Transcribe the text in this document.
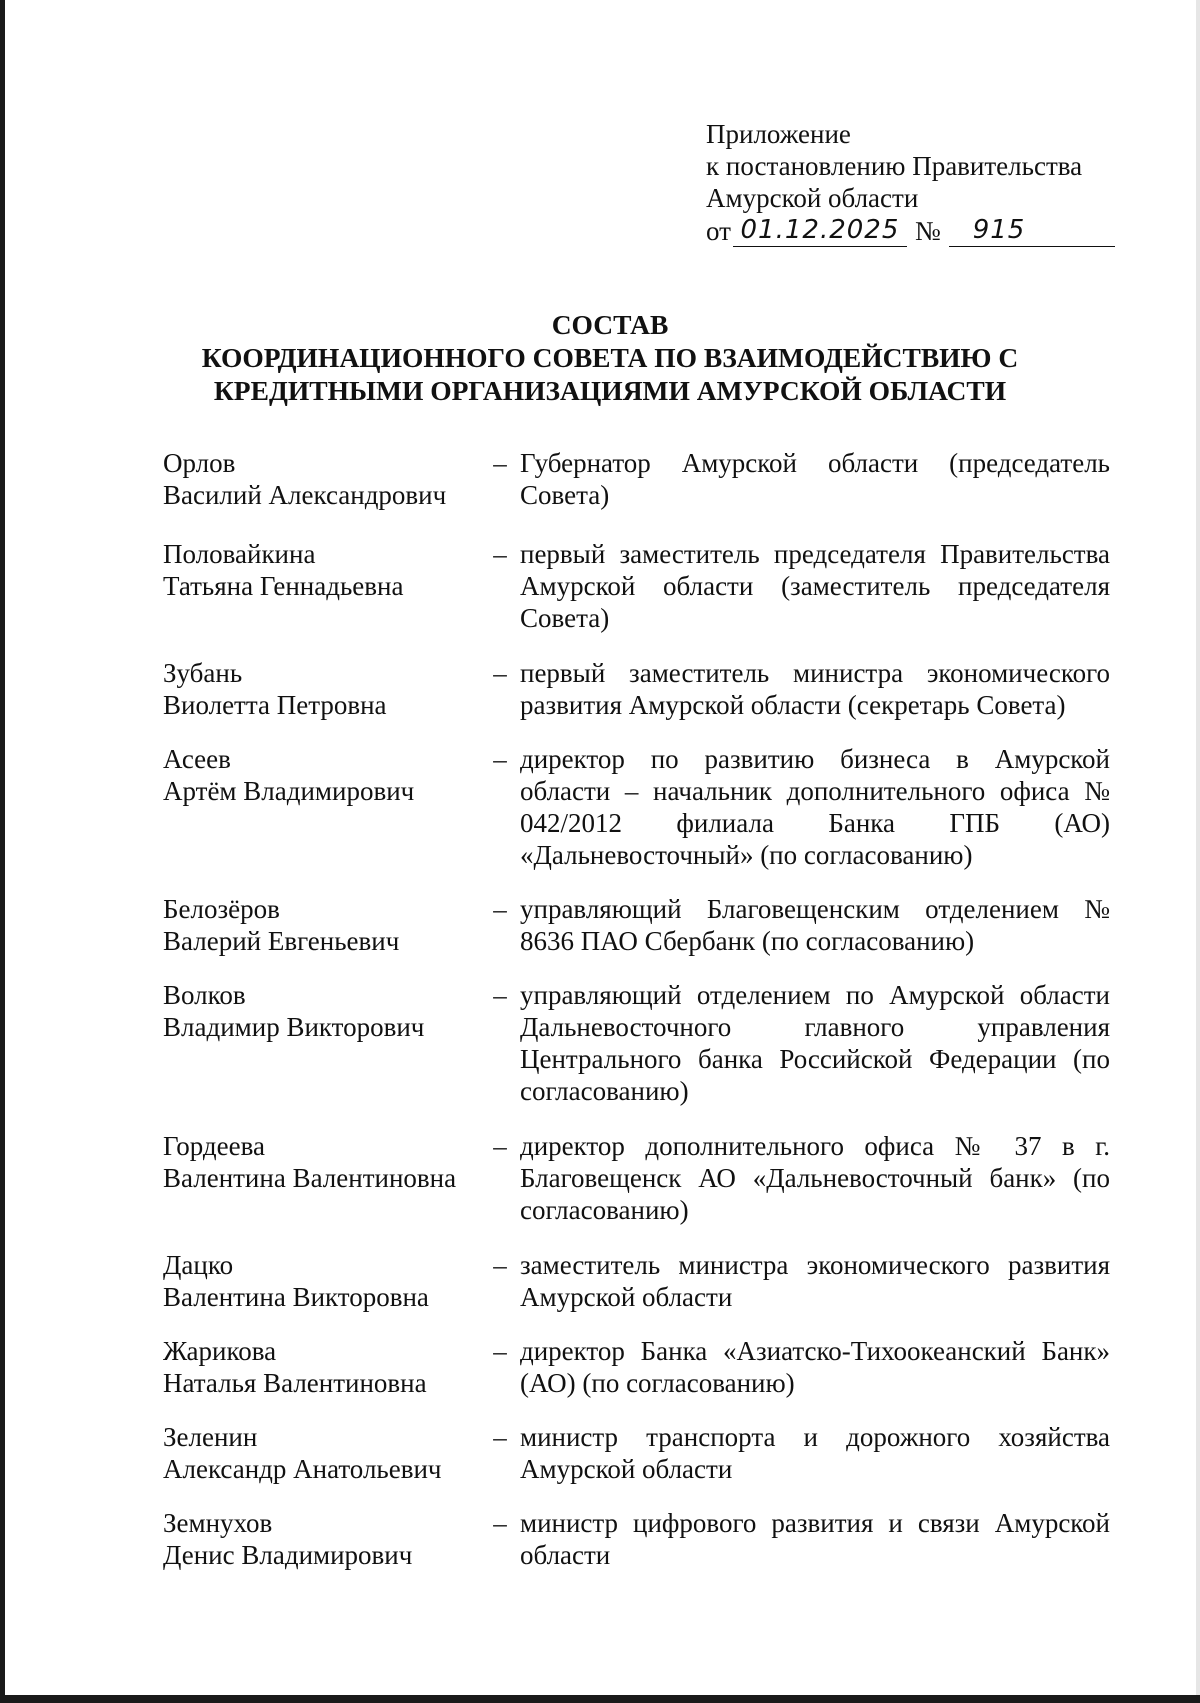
Приложение
к постановлению Правительства
Амурской области
от 01.12.2025 №	915
СОСТАВ
КООРДИНАЦИОННОГО СОВЕТА ПО ВЗАИМОДЕЙСТВИЮ С
КРЕДИТНЫМИ ОРГАНИЗАЦИЯМИ АМУРСКОЙ ОБЛАСТИ
Орлов
Василий Александрович
– Губернатор Амурской области (председатель Совета)
Половайкина
Татьяна Геннадьевна
– первый заместитель председателя Правительства Амурской области (заместитель председателя Совета)
Зубань
Виолетта Петровна
– первый заместитель министра экономического развития Амурской области (секретарь Совета)
Асеев
Артём Владимирович
– директор по развитию бизнеса в Амурской области – начальник дополнительного офиса № 042/2012 филиала Банка ГПБ (АО) «Дальневосточный» (по согласованию)
Белозёров
Валерий Евгеньевич
– управляющий Благовещенским отделением № 8636 ПАО Сбербанк (по согласованию)
Волков
Владимир Викторович
– управляющий отделением по Амурской области Дальневосточного главного управления Центрального банка Российской Федерации (по согласованию)
Гордеева
Валентина Валентиновна
– директор дополнительного офиса № 37 в г. Благовещенск АО «Дальневосточный банк» (по согласованию)
Дацко
Валентина Викторовна
– заместитель министра экономического развития Амурской области
Жарикова
Наталья Валентиновна
– директор Банка «Азиатско-Тихоокеанский Банк» (АО) (по согласованию)
Зеленин
Александр Анатольевич
– министр транспорта и дорожного хозяйства Амурской области
Земнухов
Денис Владимирович
– министр цифрового развития и связи Амурской области
